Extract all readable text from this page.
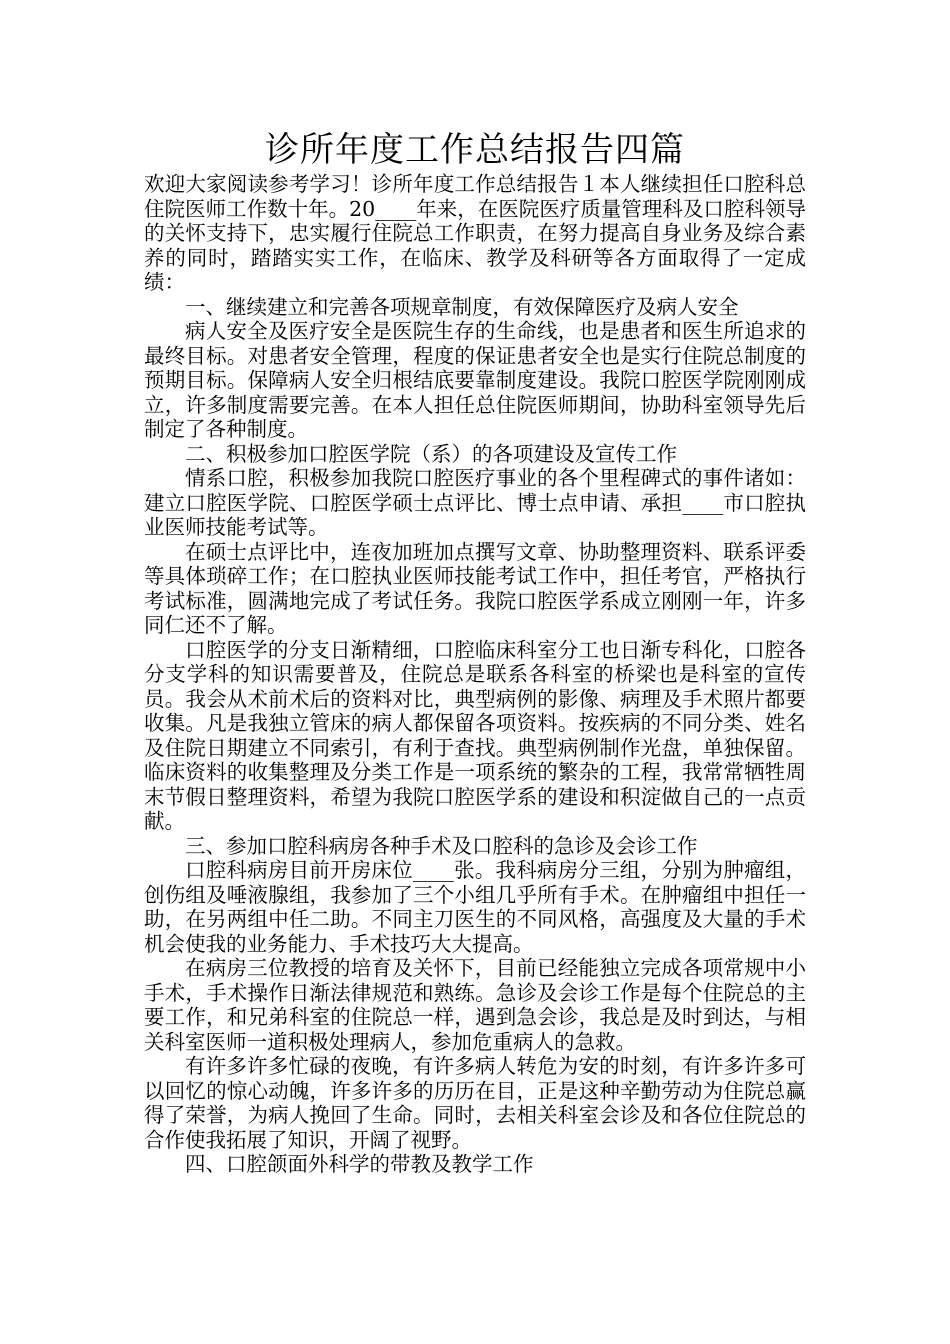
诊所年度工作总结报告四篇

欢迎大家阅读参考学习！诊所年度工作总结报告１本人继续担任口腔科总住院医师工作数十年。20____年来，在医院医疗质量管理科及口腔科领导的关怀支持下，忠实履行住院总工作职责，在努力提高自身业务及综合素养的同时，踏踏实实工作，在临床、教学及科研等各方面取得了一定成绩：

一、继续建立和完善各项规章制度，有效保障医疗及病人安全

病人安全及医疗安全是医院生存的生命线，也是患者和医生所追求的最终目标。对患者安全管理，程度的保证患者安全也是实行住院总制度的预期目标。保障病人安全归根结底要靠制度建设。我院口腔医学院刚刚成立，许多制度需要完善。在本人担任总住院医师期间，协助科室领导先后制定了各种制度。

二、积极参加口腔医学院（系）的各项建设及宣传工作

情系口腔，积极参加我院口腔医疗事业的各个里程碑式的事件诸如：建立口腔医学院、口腔医学硕士点评比、博士点申请、承担____市口腔执业医师技能考试等。

在硕士点评比中，连夜加班加点撰写文章、协助整理资料、联系评委等具体琐碎工作；在口腔执业医师技能考试工作中，担任考官，严格执行考试标准，圆满地完成了考试任务。我院口腔医学系成立刚刚一年，许多同仁还不了解。

口腔医学的分支日渐精细，口腔临床科室分工也日渐专科化，口腔各分支学科的知识需要普及，住院总是联系各科室的桥梁也是科室的宣传员。我会从术前术后的资料对比，典型病例的影像、病理及手术照片都要收集。凡是我独立管床的病人都保留各项资料。按疾病的不同分类、姓名及住院日期建立不同索引，有利于查找。典型病例制作光盘，单独保留。临床资料的收集整理及分类工作是一项系统的繁杂的工程，我常常牺牲周末节假日整理资料，希望为我院口腔医学系的建设和积淀做自己的一点贡献。

三、参加口腔科病房各种手术及口腔科的急诊及会诊工作

口腔科病房目前开房床位____张。我科病房分三组，分别为肿瘤组，创伤组及唾液腺组，我参加了三个小组几乎所有手术。在肿瘤组中担任一助，在另两组中任二助。不同主刀医生的不同风格，高强度及大量的手术机会使我的业务能力、手术技巧大大提高。

在病房三位教授的培育及关怀下，目前已经能独立完成各项常规中小手术，手术操作日渐法律规范和熟练。急诊及会诊工作是每个住院总的主要工作，和兄弟科室的住院总一样，遇到急会诊，我总是及时到达，与相关科室医师一道积极处理病人，参加危重病人的急救。

有许多许多忙碌的夜晚，有许多病人转危为安的时刻，有许多许多可以回忆的惊心动魄，许多许多的历历在目，正是这种辛勤劳动为住院总赢得了荣誉，为病人挽回了生命。同时，去相关科室会诊及和各位住院总的合作使我拓展了知识，开阔了视野。

四、口腔颌面外科学的带教及教学工作
